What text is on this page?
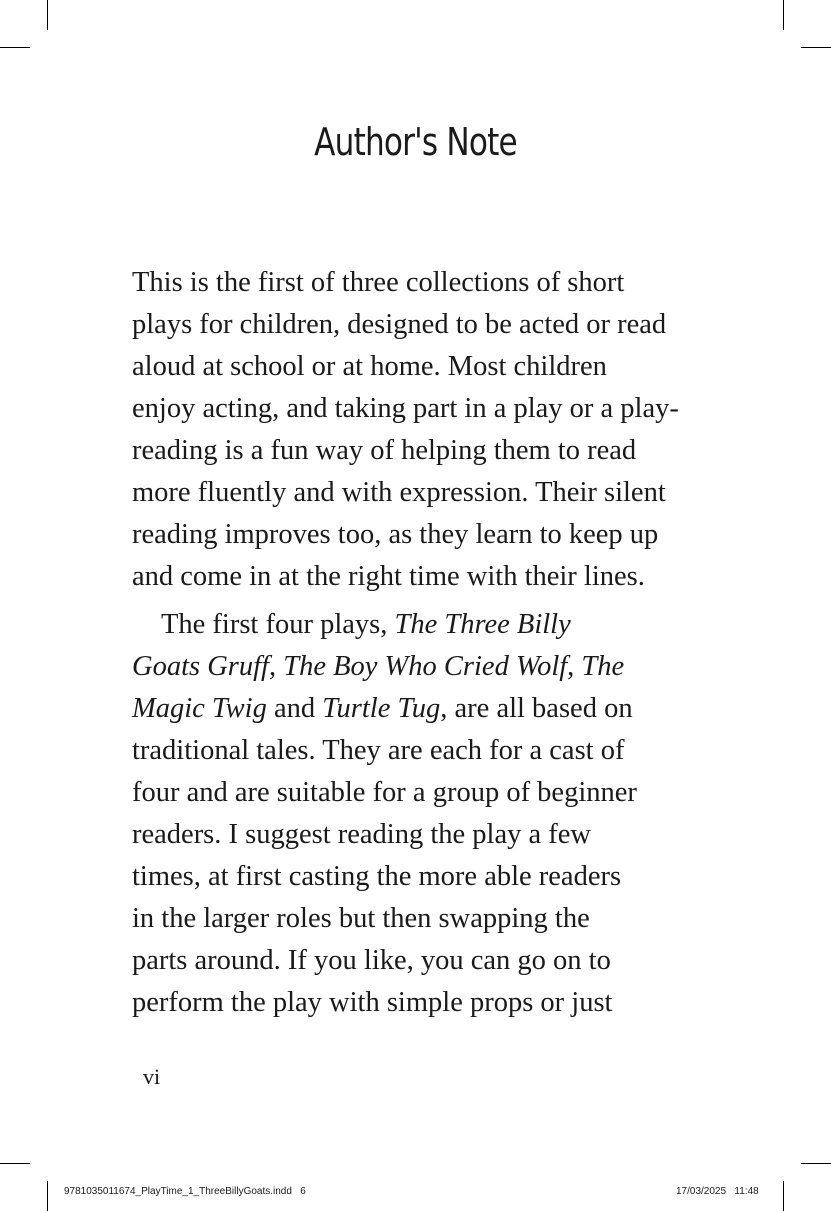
Author's Note
This is the first of three collections of short
plays for children, designed to be acted or read
aloud at school or at home. Most children
enjoy acting, and taking part in a play or a play-
reading is a fun way of helping them to read
more fluently and with expression. Their silent
reading improves too, as they learn to keep up
and come in at the right time with their lines.
The first four plays, The Three Billy
Goats Gruff, The Boy Who Cried Wolf, The
Magic Twig and Turtle Tug, are all based on
traditional tales. They are each for a cast of
four and are suitable for a group of beginner
readers. I suggest reading the play a few
times, at first casting the more able readers
in the larger roles but then swapping the
parts around. If you like, you can go on to
perform the play with simple props or just
vi
9781035011674_PlayTime_1_ThreeBillyGoats.indd 6	17/03/2025 11:48
